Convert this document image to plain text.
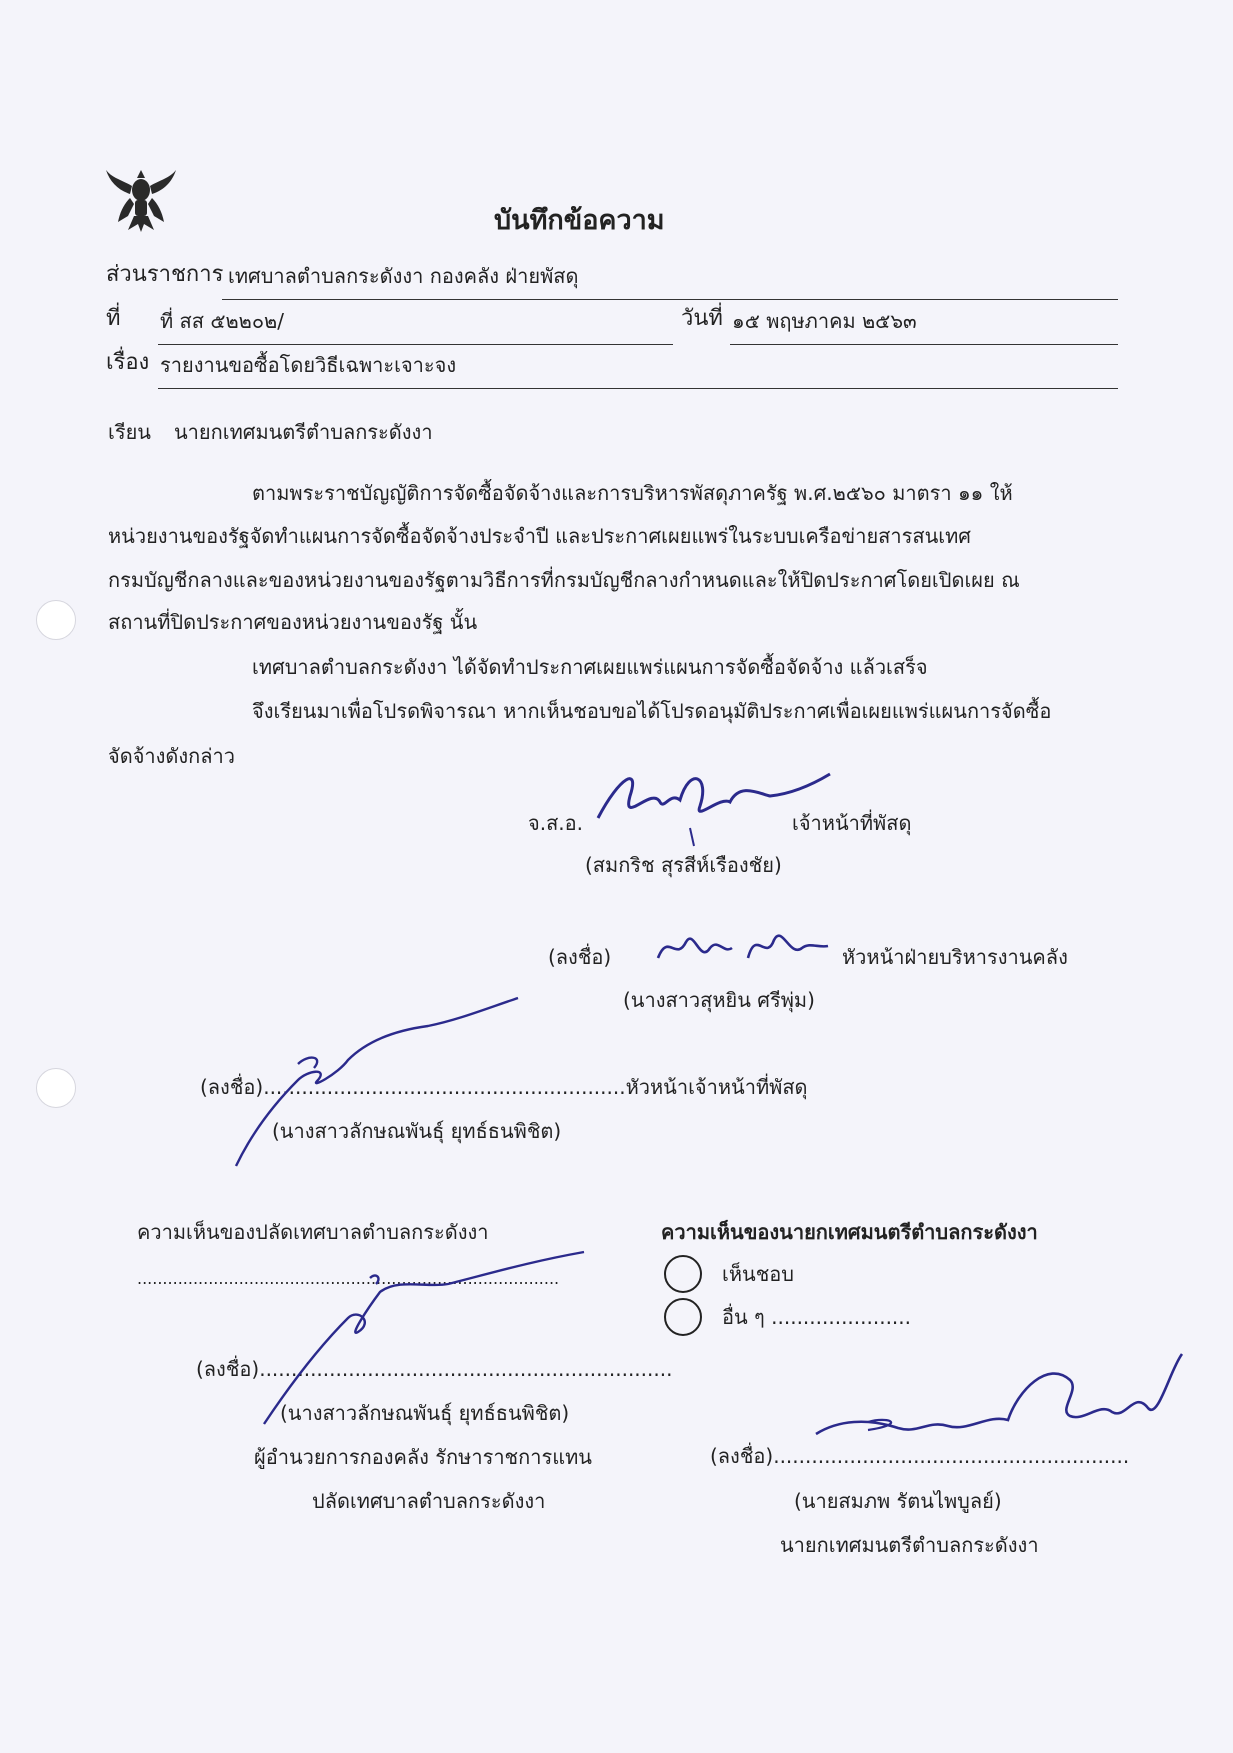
บันทึกข้อความ
ส่วนราชการ เทศบาลตำบลกระดังงา กองคลัง ฝ่ายพัสดุ
ที่ ที่ สส ๕๒๒๐๒/	วันที่ ๑๕ พฤษภาคม ๒๕๖๓
เรื่อง รายงานขอซื้อโดยวิธีเฉพาะเจาะจง
เรียน นายกเทศมนตรีตำบลกระดังงา
ตามพระราชบัญญัติการจัดซื้อจัดจ้างและการบริหารพัสดุภาครัฐ พ.ศ.๒๕๖๐ มาตรา ๑๑ ให้
หน่วยงานของรัฐจัดทำแผนการจัดซื้อจัดจ้างประจำปี และประกาศเผยแพร่ในระบบเครือข่ายสารสนเทศ
กรมบัญชีกลางและของหน่วยงานของรัฐตามวิธีการที่กรมบัญชีกลางกำหนดและให้ปิดประกาศโดยเปิดเผย ณ
สถานที่ปิดประกาศของหน่วยงานของรัฐ นั้น
เทศบาลตำบลกระดังงา ได้จัดทำประกาศเผยแพร่แผนการจัดซื้อจัดจ้าง แล้วเสร็จ
จึงเรียนมาเพื่อโปรดพิจารณา หากเห็นชอบขอได้โปรดอนุมัติประกาศเพื่อเผยแพร่แผนการจัดซื้อ
จัดจ้างดังกล่าว
จ.ส.อ.	เจ้าหน้าที่พัสดุ
(สมกริช สุรสีห์เรืองชัย)
(ลงชื่อ)	หัวหน้าฝ่ายบริหารงานคลัง
(นางสาวสุหยิน ศรีพุ่ม)
(ลงชื่อ).........................................................หัวหน้าเจ้าหน้าที่พัสดุ
(นางสาวลักษณพันธุ์ ยุทธ์ธนพิชิต)
ความเห็นของปลัดเทศบาลตำบลกระดังงา
...................................................................................
(ลงชื่อ).................................................................
(นางสาวลักษณพันธุ์ ยุทธ์ธนพิชิต)
ผู้อำนวยการกองคลัง รักษาราชการแทน
ปลัดเทศบาลตำบลกระดังงา
ความเห็นของนายกเทศมนตรีตำบลกระดังงา
เห็นชอบ
อื่น ๆ ......................
(ลงชื่อ)........................................................
(นายสมภพ รัตนไพบูลย์)
นายกเทศมนตรีตำบลกระดังงา
